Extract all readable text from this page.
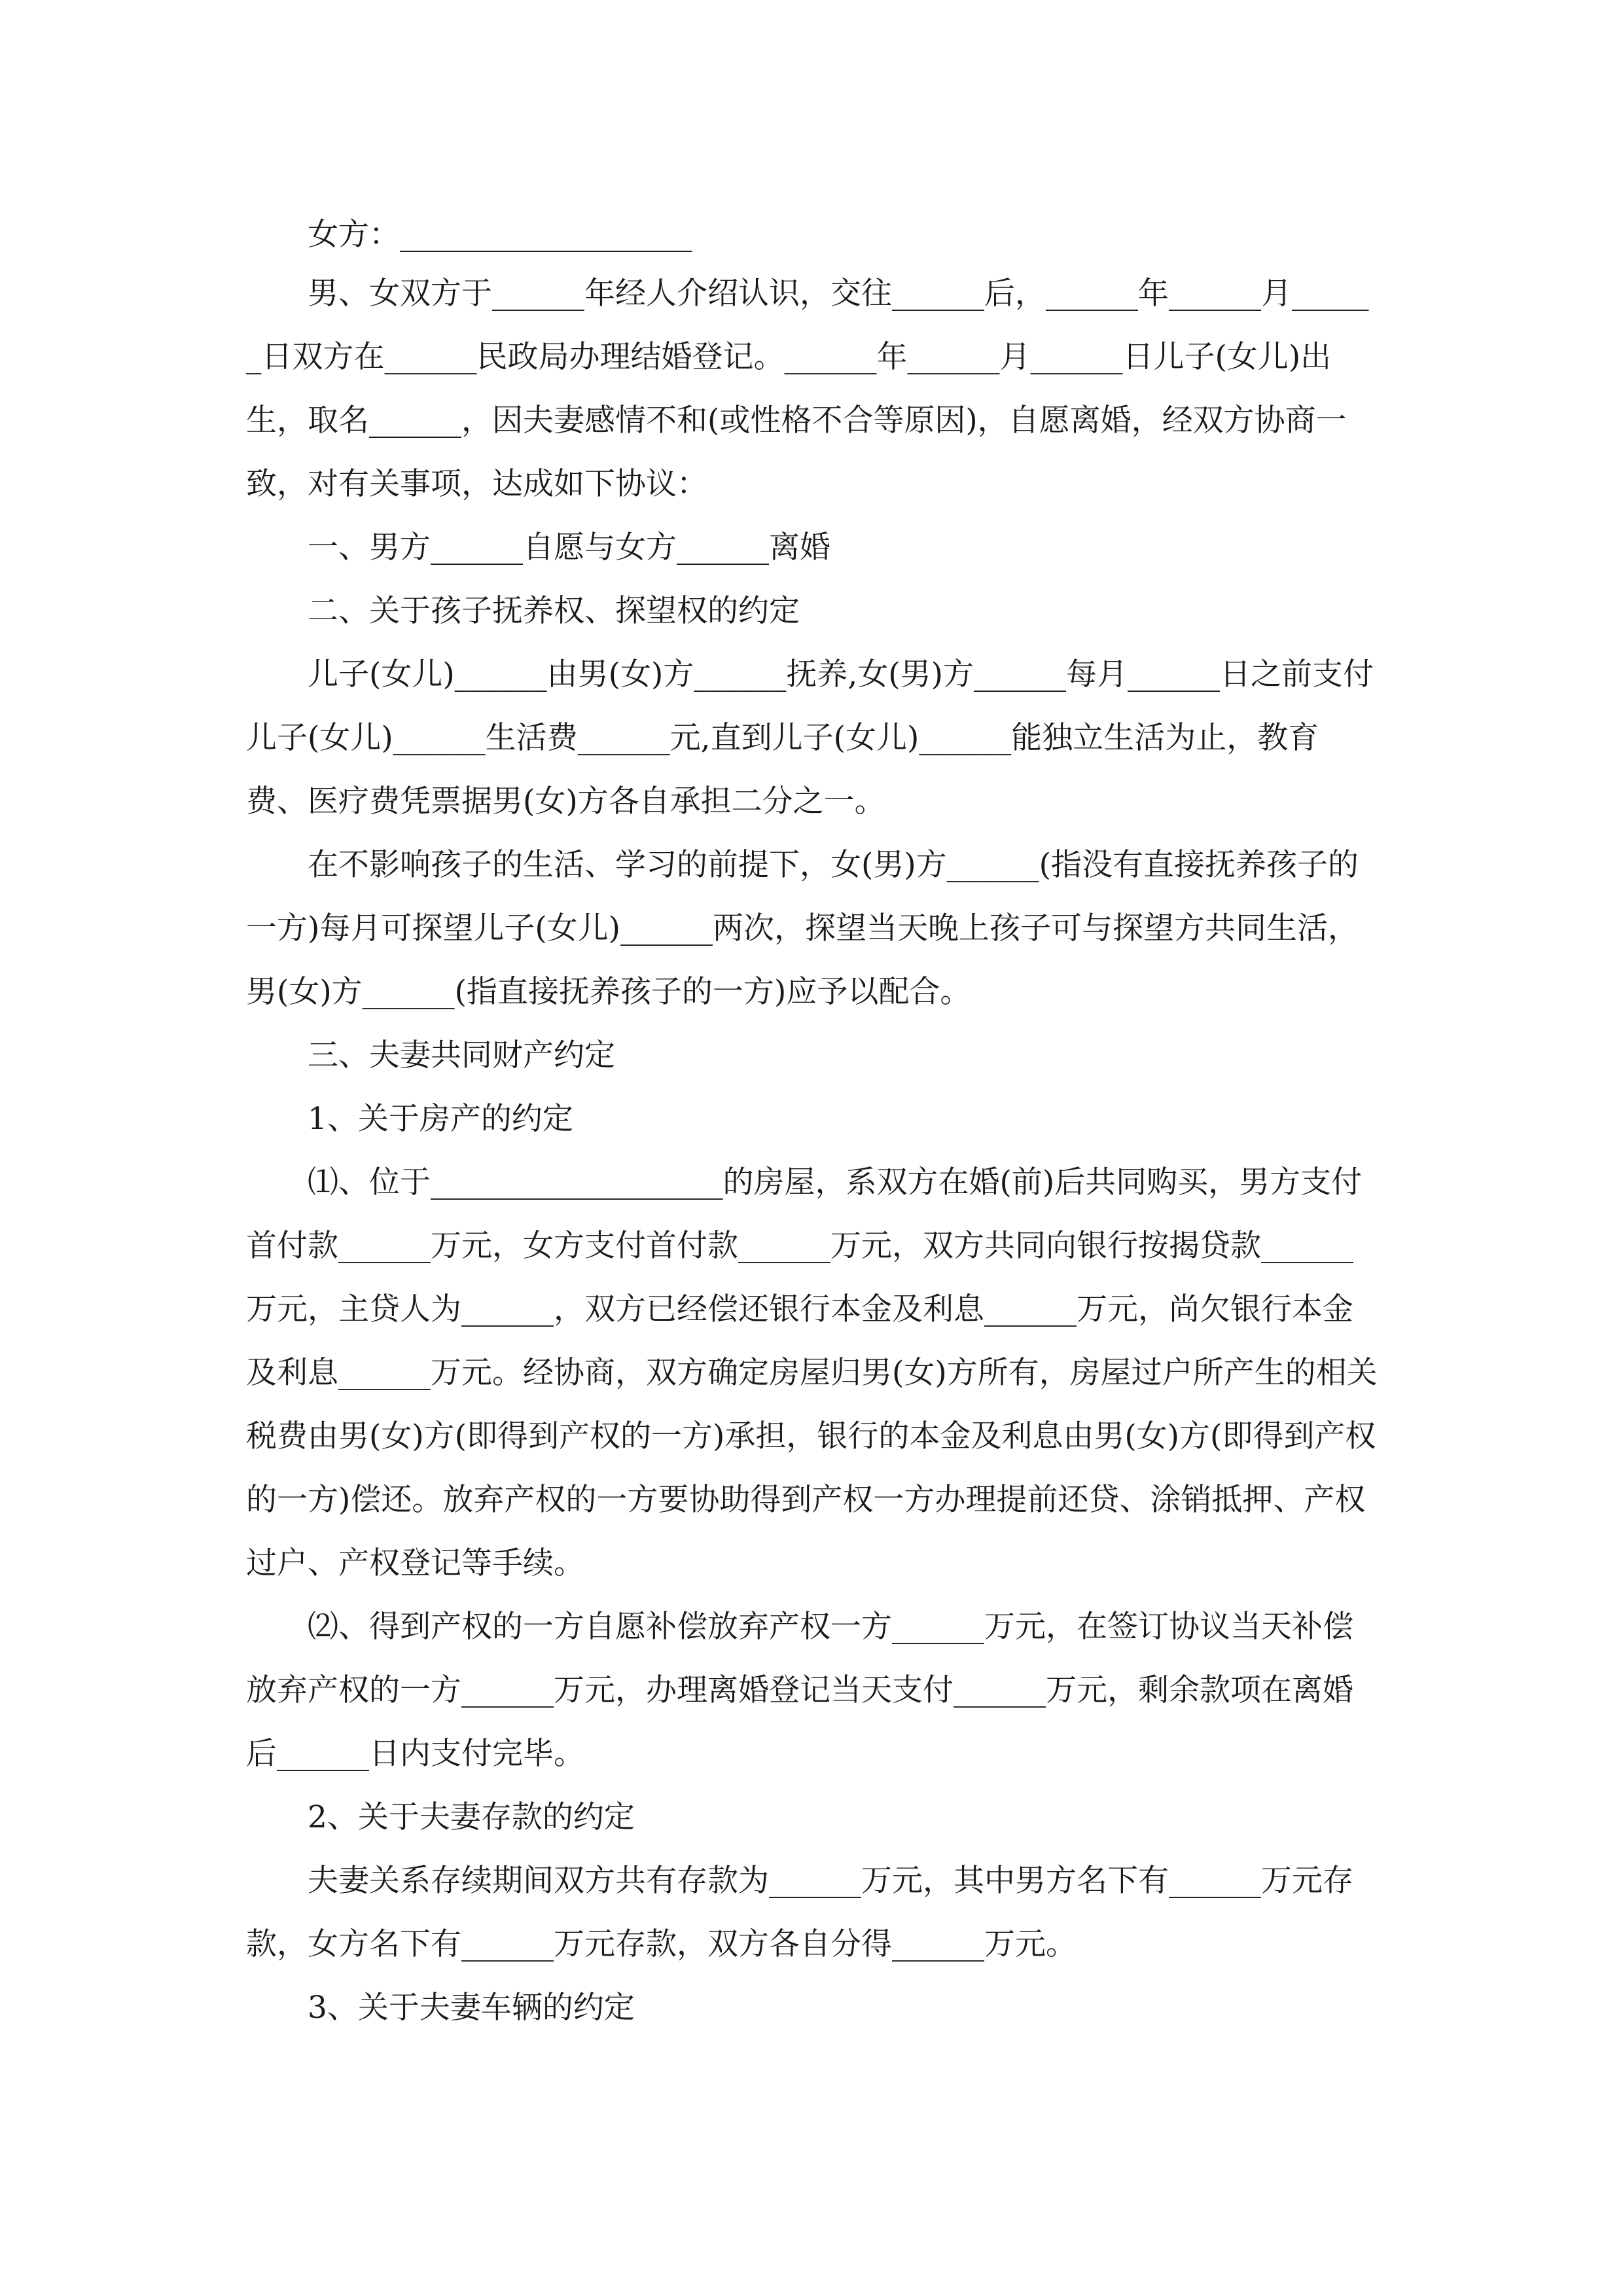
女方：___________________

男、女双方于______年经人介绍认识，交往______后，______年______月______日双方在______民政局办理结婚登记。______年______月______日儿子(女儿)出生，取名______，因夫妻感情不和(或性格不合等原因)，自愿离婚，经双方协商一致，对有关事项，达成如下协议：

一、男方______自愿与女方______离婚

二、关于孩子抚养权、探望权的约定

儿子(女儿)______由男(女)方______抚养,女(男)方______每月______日之前支付儿子(女儿)______生活费______元,直到儿子(女儿)______能独立生活为止，教育费、医疗费凭票据男(女)方各自承担二分之一。

在不影响孩子的生活、学习的前提下，女(男)方______(指没有直接抚养孩子的一方)每月可探望儿子(女儿)______两次，探望当天晚上孩子可与探望方共同生活，男(女)方______(指直接抚养孩子的一方)应予以配合。

三、夫妻共同财产约定

1、关于房产的约定

⑴、位于___________________的房屋，系双方在婚(前)后共同购买，男方支付首付款______万元，女方支付首付款______万元，双方共同向银行按揭贷款______万元，主贷人为______，双方已经偿还银行本金及利息______万元，尚欠银行本金及利息______万元。经协商，双方确定房屋归男(女)方所有，房屋过户所产生的相关税费由男(女)方(即得到产权的一方)承担，银行的本金及利息由男(女)方(即得到产权的一方)偿还。放弃产权的一方要协助得到产权一方办理提前还贷、涂销抵押、产权过户、产权登记等手续。

⑵、得到产权的一方自愿补偿放弃产权一方______万元，在签订协议当天补偿放弃产权的一方______万元，办理离婚登记当天支付______万元，剩余款项在离婚后______日内支付完毕。

2、关于夫妻存款的约定

夫妻关系存续期间双方共有存款为______万元，其中男方名下有______万元存款，女方名下有______万元存款，双方各自分得______万元。

3、关于夫妻车辆的约定
